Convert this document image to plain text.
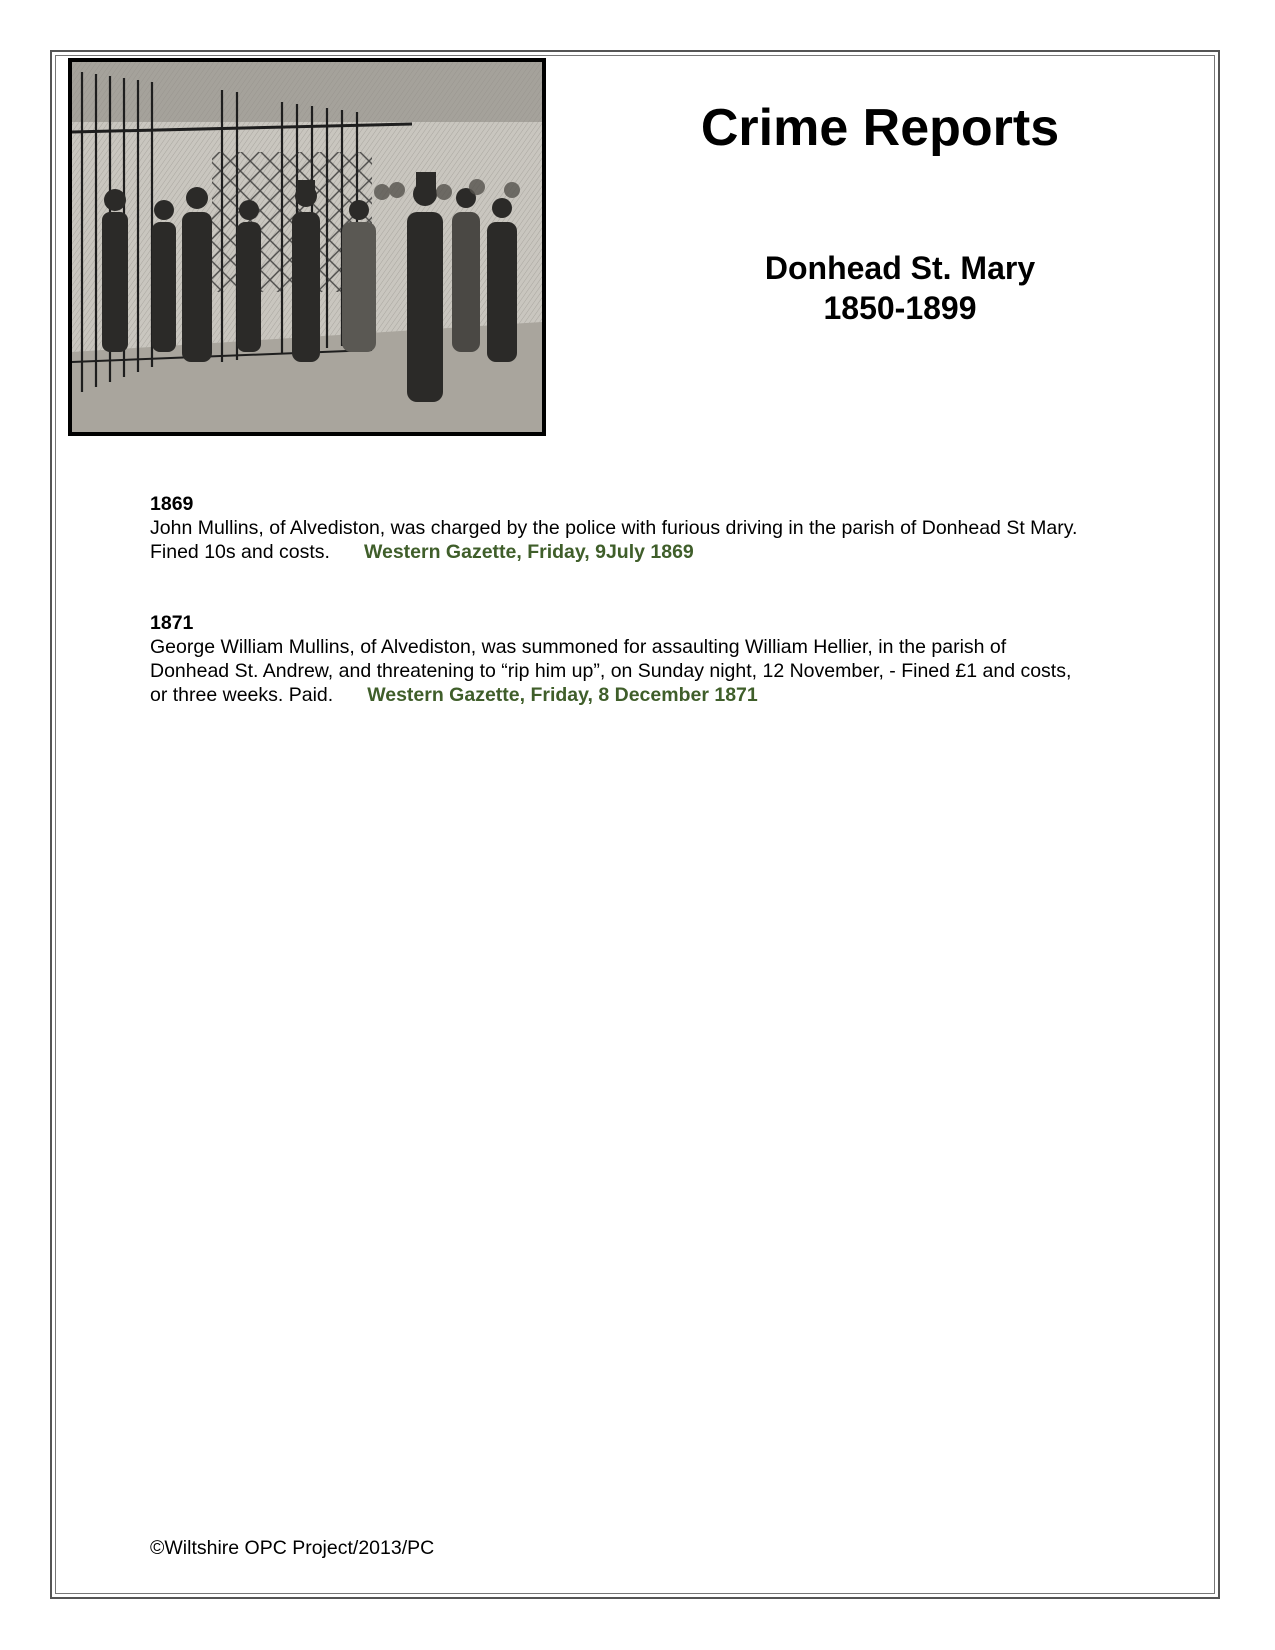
Crime Reports
Donhead St. Mary
1850-1899
1869
John Mullins, of Alvediston, was charged by the police with furious driving in the parish of Donhead St Mary. Fined 10s and costs. Western Gazette, Friday, 9July 1869
1871
George William Mullins, of Alvediston, was summoned for assaulting William Hellier, in the parish of Donhead St. Andrew, and threatening to “rip him up”, on Sunday night, 12 November, - Fined £1 and costs, or three weeks. Paid. Western Gazette, Friday, 8 December 1871
©Wiltshire OPC Project/2013/PC
